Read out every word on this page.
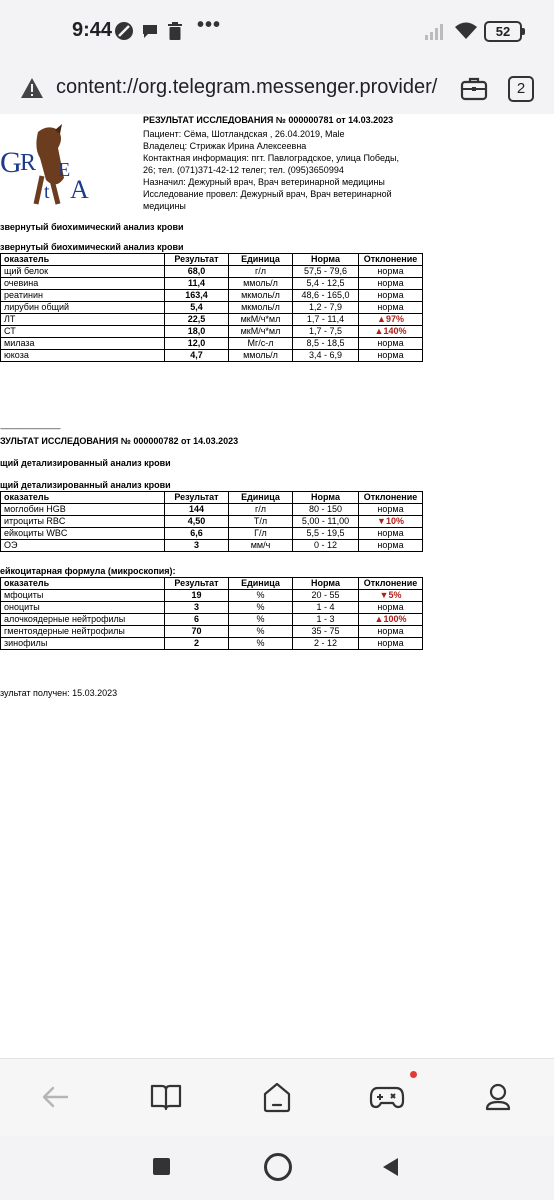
9:44	•••	52
content://org.telegram.messenger.provider/	2
G
R E
t A
РЕЗУЛЬТАТ ИССЛЕДОВАНИЯ № 000000781 от 14.03.2023
Пациент: Сёма, Шотландская , 26.04.2019, Male
Владелец: Стрижак Ирина Алексеевна
Контактная информация: пгт. Павлоградское, улица Победы,
26; тел. (071)371-42-12 телег; тел. (095)3650994
Назначил: Дежурный врач, Врач ветеринарной медицины
Исследование провел: Дежурный врач, Врач ветеринарной
медицины
звернутый биохимический анализ крови
звернутый биохимический анализ крови
оказатель	Результат	Единица	Норма	Отклонение
щий белок	68,0	г/л	57,5 - 79,6	норма
очевина	11,4	ммоль/л	5,4 - 12,5	норма
реатинин	163,4	мкмоль/л	48,6 - 165,0	норма
лирубин общий	5,4	мкмоль/л	1,2 - 7,9	норма
ЛТ	22,5	мкМ/ч*мл	1,7 - 11,4	▲97%
СТ	18,0	мкМ/ч*мл	1,7 - 7,5	▲140%
милаза	12,0	Мг/с-л	8,5 - 18,5	норма
юкоза	4,7	ммоль/л	3,4 - 6,9	норма
------------------------------------
ЗУЛЬТАТ ИССЛЕДОВАНИЯ № 000000782 от 14.03.2023
щий детализированный анализ крови
щий детализированный анализ крови
оказатель	Результат	Единица	Норма	Отклонение
моглобин HGB	144	г/л	80 - 150	норма
итроциты RBC	4,50	Т/л	5,00 - 11,00	▼10%
ейкоциты WBC	6,6	Г/л	5,5 - 19,5	норма
ОЭ	3	мм/ч	0 - 12	норма
ейкоцитарная формула (микроскопия):
оказатель	Результат	Единица	Норма	Отклонение
мфоциты	19	%	20 - 55	▼5%
оноциты	3	%	1 - 4	норма
алочкоядерные нейтрофилы	6	%	1 - 3	▲100%
гментоядерные нейтрофилы	70	%	35 - 75	норма
зинофилы	2	%	2 - 12	норма
зультат получен: 15.03.2023
